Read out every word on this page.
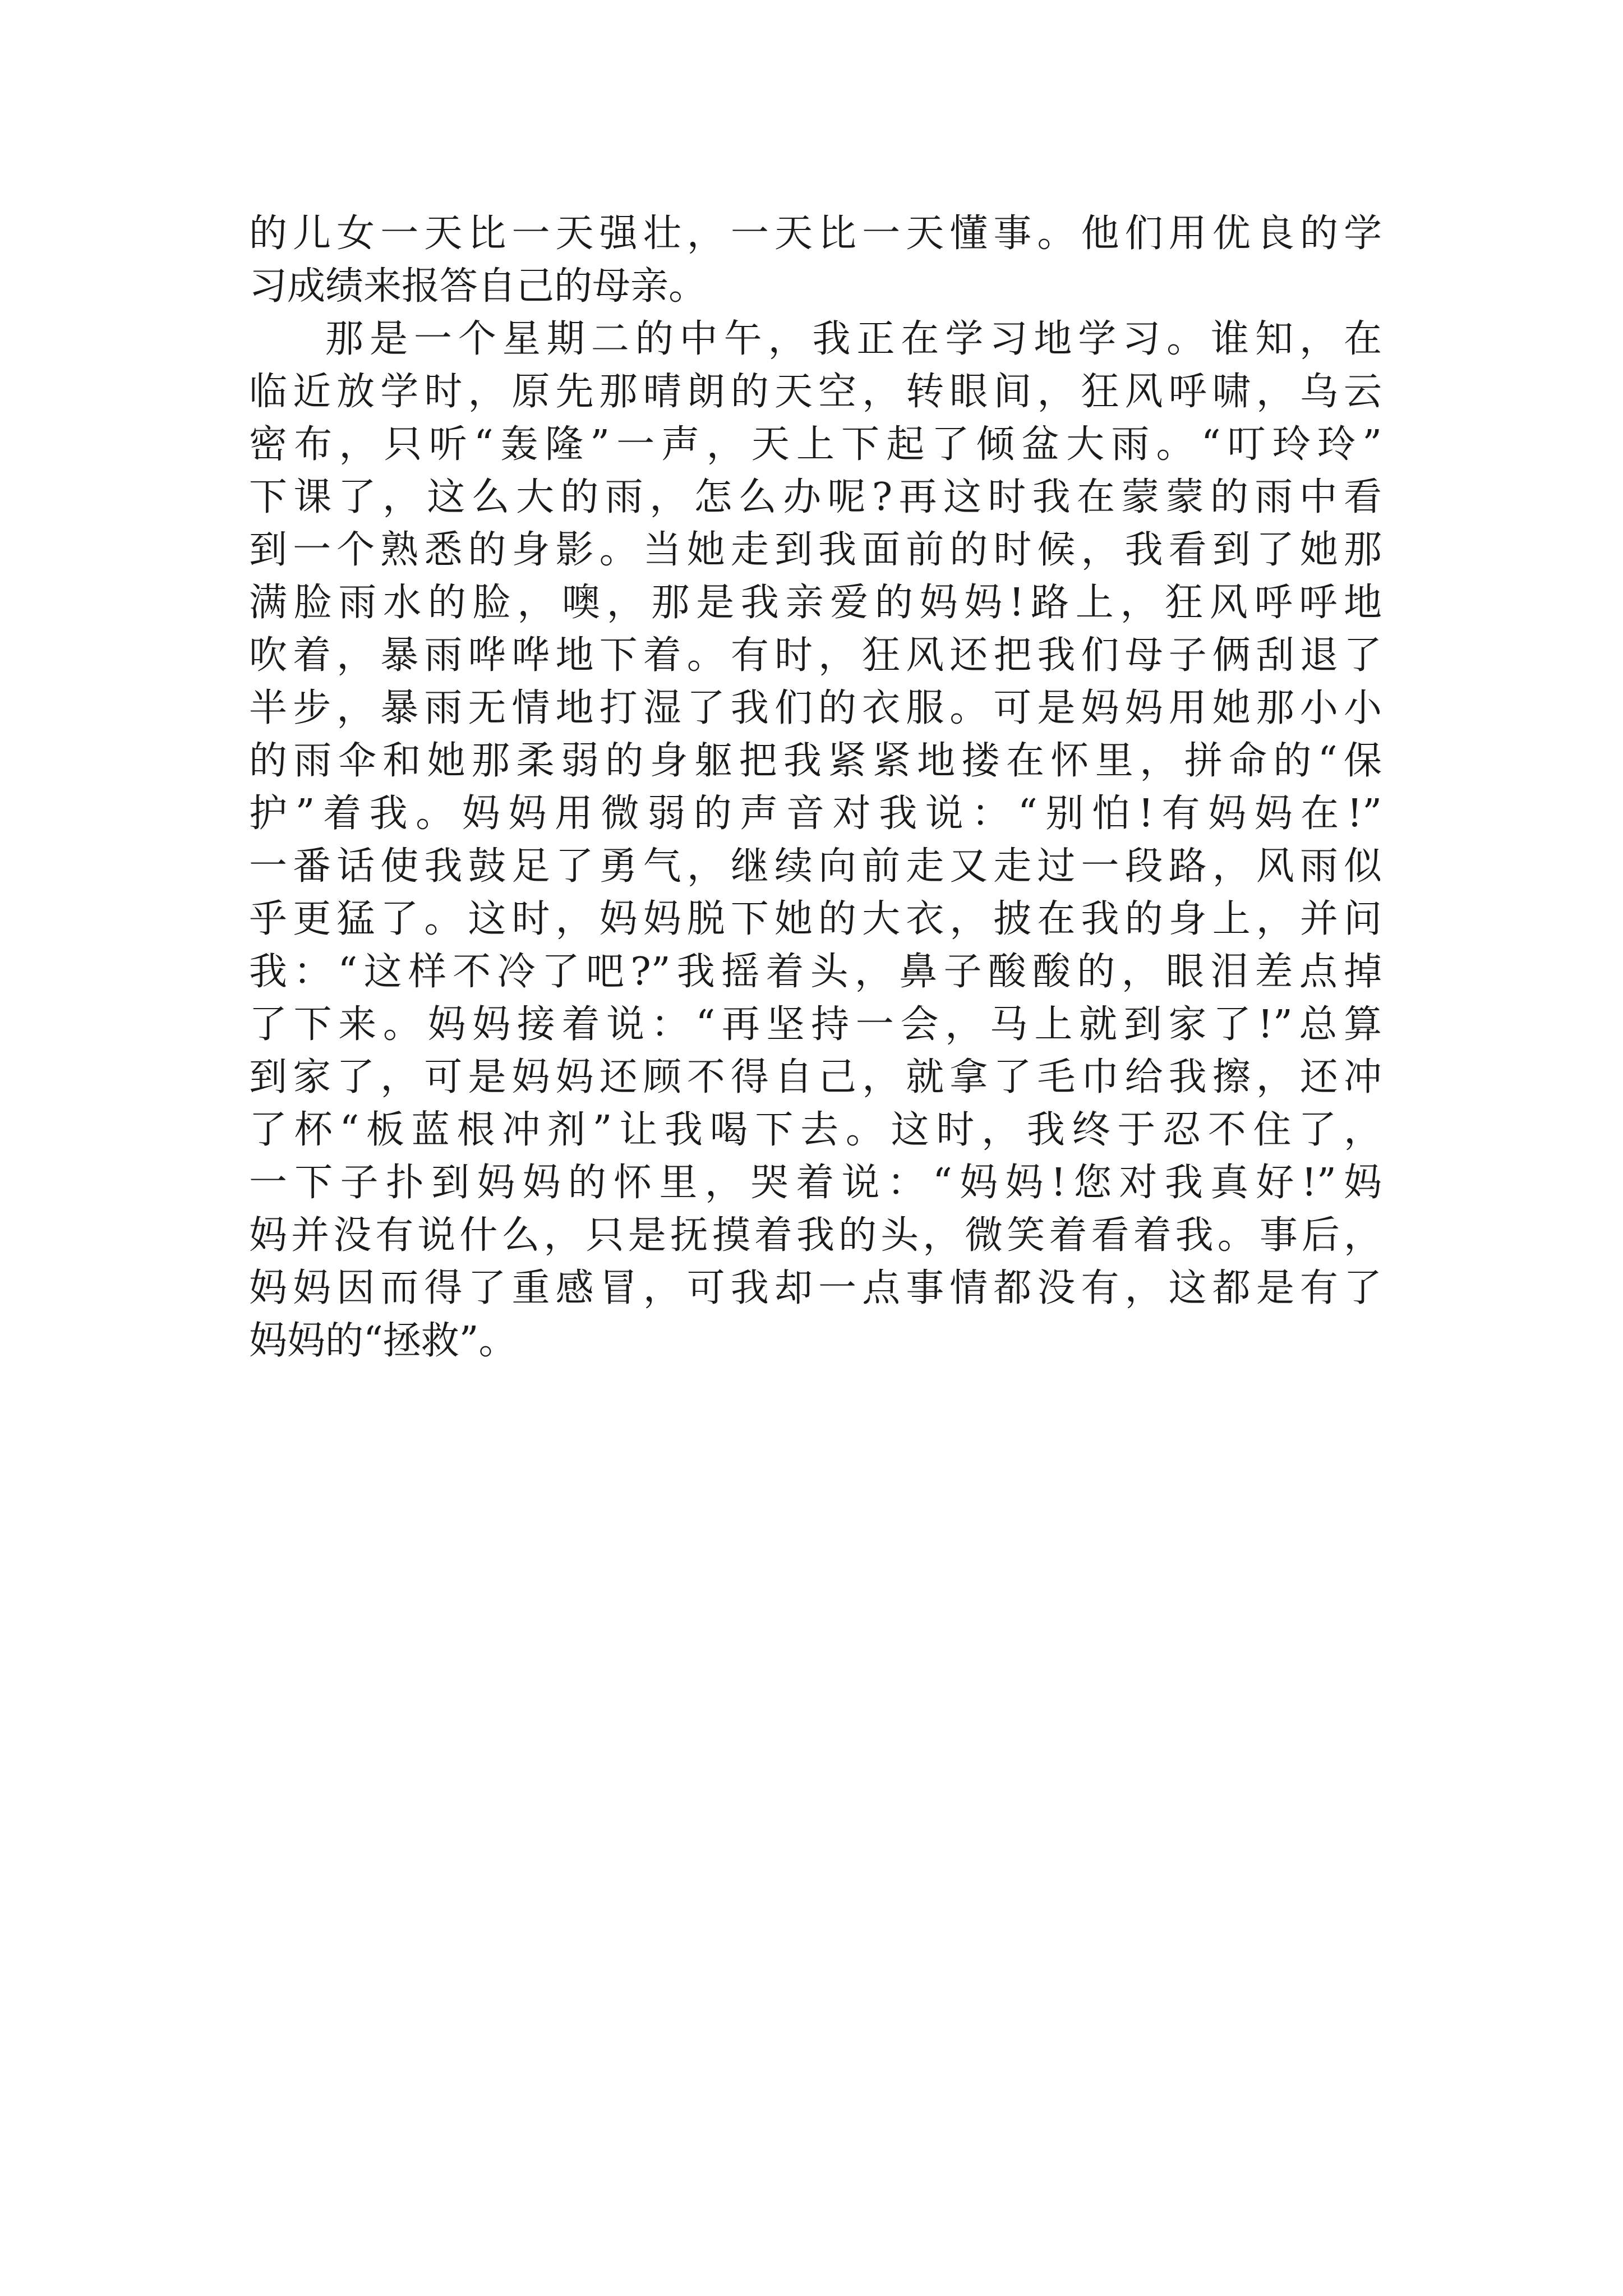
的儿女一天比一天强壮，一天比一天懂事。他们用优良的学
习成绩来报答自己的母亲。
那是一个星期二的中午，我正在学习地学习。谁知，在
临近放学时，原先那晴朗的天空，转眼间，狂风呼啸，乌云
密布，只听“轰隆”一声，天上下起了倾盆大雨。“叮玲玲”
下课了，这么大的雨，怎么办呢?再这时我在蒙蒙的雨中看
到一个熟悉的身影。当她走到我面前的时候，我看到了她那
满脸雨水的脸，噢，那是我亲爱的妈妈!路上，狂风呼呼地
吹着，暴雨哗哗地下着。有时，狂风还把我们母子俩刮退了
半步，暴雨无情地打湿了我们的衣服。可是妈妈用她那小小
的雨伞和她那柔弱的身躯把我紧紧地搂在怀里，拼命的“保
护”着我。妈妈用微弱的声音对我说：“别怕!有妈妈在!”
一番话使我鼓足了勇气，继续向前走又走过一段路，风雨似
乎更猛了。这时，妈妈脱下她的大衣，披在我的身上，并问
我：“这样不冷了吧?”我摇着头，鼻子酸酸的，眼泪差点掉
了下来。妈妈接着说：“再坚持一会，马上就到家了!”总算
到家了，可是妈妈还顾不得自己，就拿了毛巾给我擦，还冲
了杯“板蓝根冲剂”让我喝下去。这时，我终于忍不住了，
一下子扑到妈妈的怀里，哭着说：“妈妈!您对我真好!”妈
妈并没有说什么，只是抚摸着我的头，微笑着看着我。事后，
妈妈因而得了重感冒，可我却一点事情都没有，这都是有了
妈妈的“拯救”。
